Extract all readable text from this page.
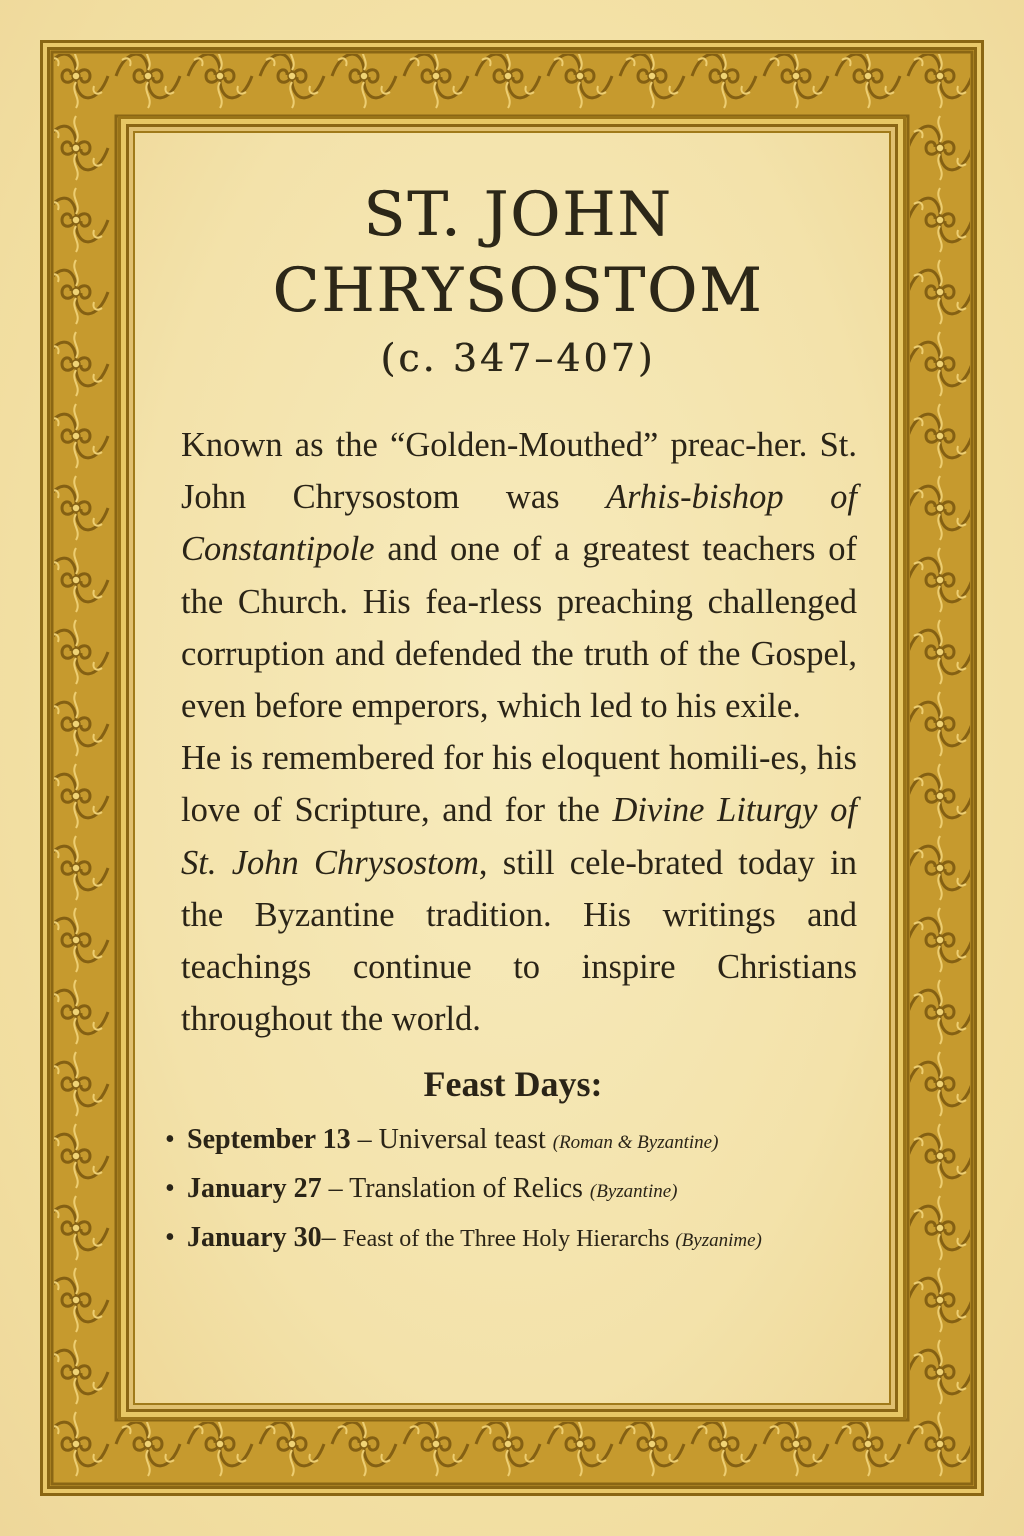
ST. JOHN
CHRYSOSTOM
(c. 347–407)

Known as the “Golden-Mouthed” preac-her. St. John Chrysostom was Arhis-bishop of Constantipole and one of a greatest teachers of the Church. His fea-rless preaching challenged corruption and defended the truth of the Gospel, even before emperors, which led to his exile.

He is remembered for his eloquent homili-es, his love of Scripture, and for the Divine Liturgy of St. John Chrysostom, still cele-brated today in the Byzantine tradition. His writings and teachings continue to inspire Christians throughout the world.

Feast Days:
• September 13 – Universal teast (Roman & Byzantine)
• January 27 – Translation of Relics (Byzantine)
• January 30– Feast of the Three Holy Hierarchs (Byzanime)
